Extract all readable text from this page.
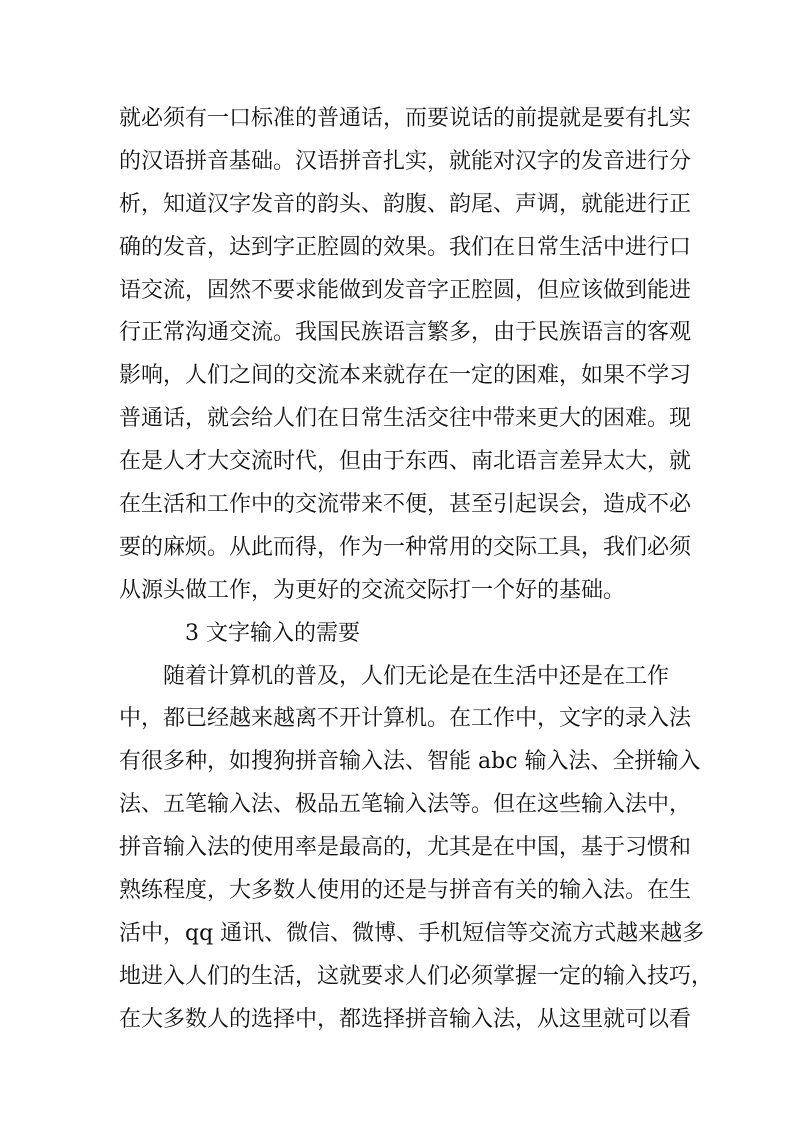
就必须有一口标准的普通话，而要说话的前提就是要有扎实
的汉语拼音基础。汉语拼音扎实，就能对汉字的发音进行分
析，知道汉字发音的韵头、韵腹、韵尾、声调，就能进行正
确的发音，达到字正腔圆的效果。我们在日常生活中进行口
语交流，固然不要求能做到发音字正腔圆，但应该做到能进
行正常沟通交流。我国民族语言繁多，由于民族语言的客观
影响，人们之间的交流本来就存在一定的困难，如果不学习
普通话，就会给人们在日常生活交往中带来更大的困难。现
在是人才大交流时代，但由于东西、南北语言差异太大，就
在生活和工作中的交流带来不便，甚至引起误会，造成不必
要的麻烦。从此而得，作为一种常用的交际工具，我们必须
从源头做工作，为更好的交流交际打一个好的基础。
3 文字输入的需要
随着计算机的普及，人们无论是在生活中还是在工作
中，都已经越来越离不开计算机。在工作中，文字的录入法
有很多种，如搜狗拼音输入法、智能 abc 输入法、全拼输入
法、五笔输入法、极品五笔输入法等。但在这些输入法中，
拼音输入法的使用率是最高的，尤其是在中国，基于习惯和
熟练程度，大多数人使用的还是与拼音有关的输入法。在生
活中，qq 通讯、微信、微博、手机短信等交流方式越来越多
地进入人们的生活，这就要求人们必须掌握一定的输入技巧，
在大多数人的选择中，都选择拼音输入法，从这里就可以看
